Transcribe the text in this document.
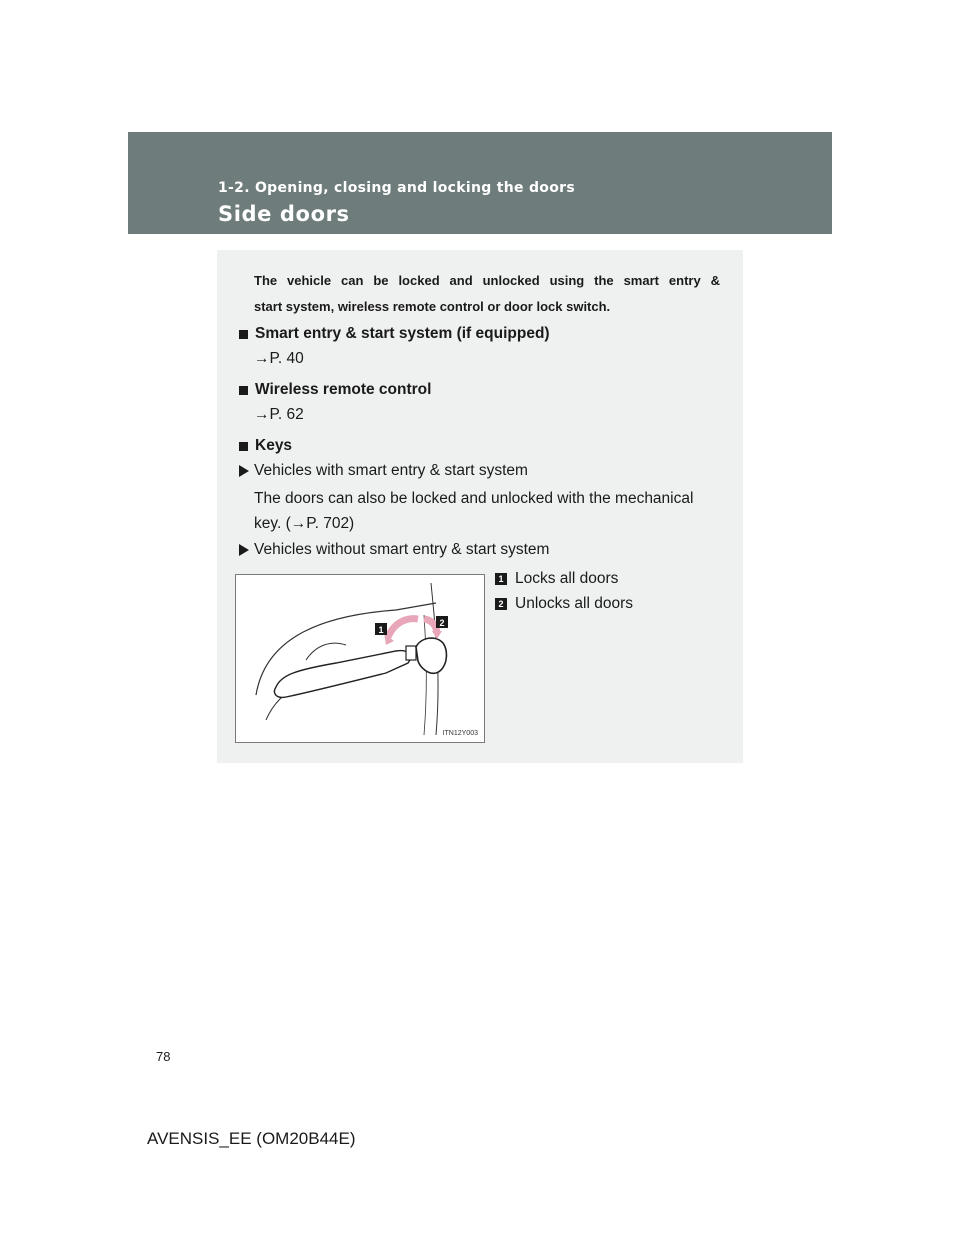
1-2. Opening, closing and locking the doors
Side doors
The vehicle can be locked and unlocked using the smart entry &
start system, wireless remote control or door lock switch.
Smart entry & start system (if equipped)
→P. 40
Wireless remote control
→P. 62
Keys
Vehicles with smart entry & start system
The doors can also be locked and unlocked with the mechanical
key. (→P. 702)
Vehicles without smart entry & start system
1
2
ITN12Y003
1 Locks all doors
2 Unlocks all doors
78
AVENSIS_EE (OM20B44E)
